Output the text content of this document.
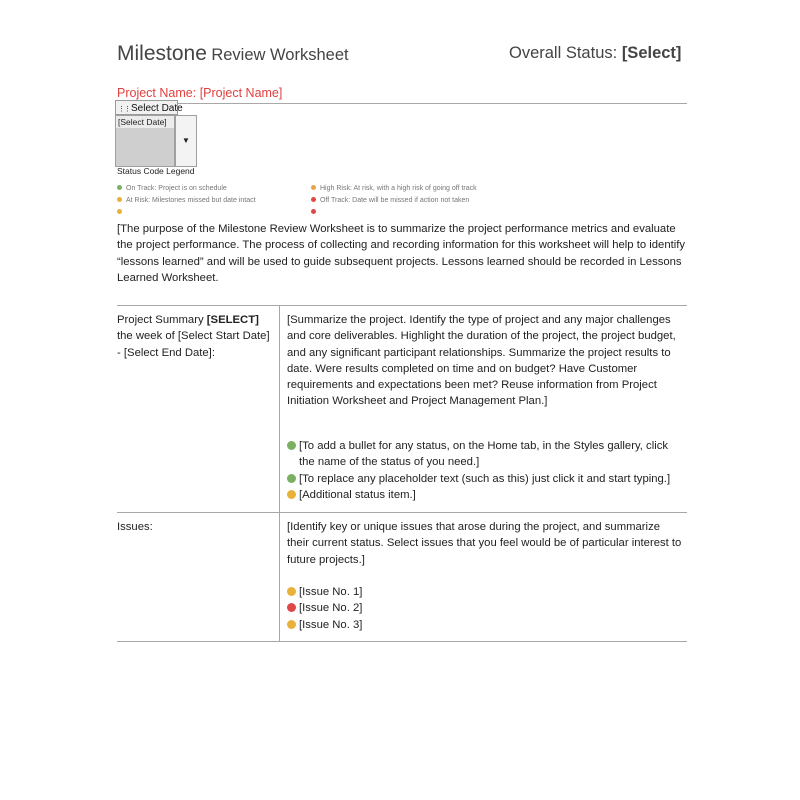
Milestone Review Worksheet	Overall Status: [Select]
Project Name: [Project Name]
⋮⋮Select Date
[Select Date]
▼
Status Code Legend
On Track: Project is on schedule
At Risk: Milestones missed but date intact
High Risk: At risk, with a high risk of going off track
Off Track: Date will be missed if action not taken
[The purpose of the Milestone Review Worksheet is to summarize the project performance metrics and evaluate the project performance. The process of collecting and recording information for this worksheet will help to identify “lessons learned” and will be used to guide subsequent projects. Lessons learned should be recorded in Lessons Learned Worksheet.
Project Summary [SELECT] the week of [Select Start Date] - [Select End Date]:
[Summarize the project. Identify the type of project and any major challenges and core deliverables. Highlight the duration of the project, the project budget, and any significant participant relationships. Summarize the project results to date. Were results completed on time and on budget? Have Customer requirements and expectations been met? Reuse information from Project Initiation Worksheet and Project Management Plan.]
[To add a bullet for any status, on the Home tab, in the Styles gallery, click
the name of the status of you need.]
[To replace any placeholder text (such as this) just click it and start typing.]
[Additional status item.]
Issues:	[Identify key or unique issues that arose during the project, and summarize their current status. Select issues that you feel would be of particular interest to future projects.]
[Issue No. 1]
[Issue No. 2]
[Issue No. 3]
